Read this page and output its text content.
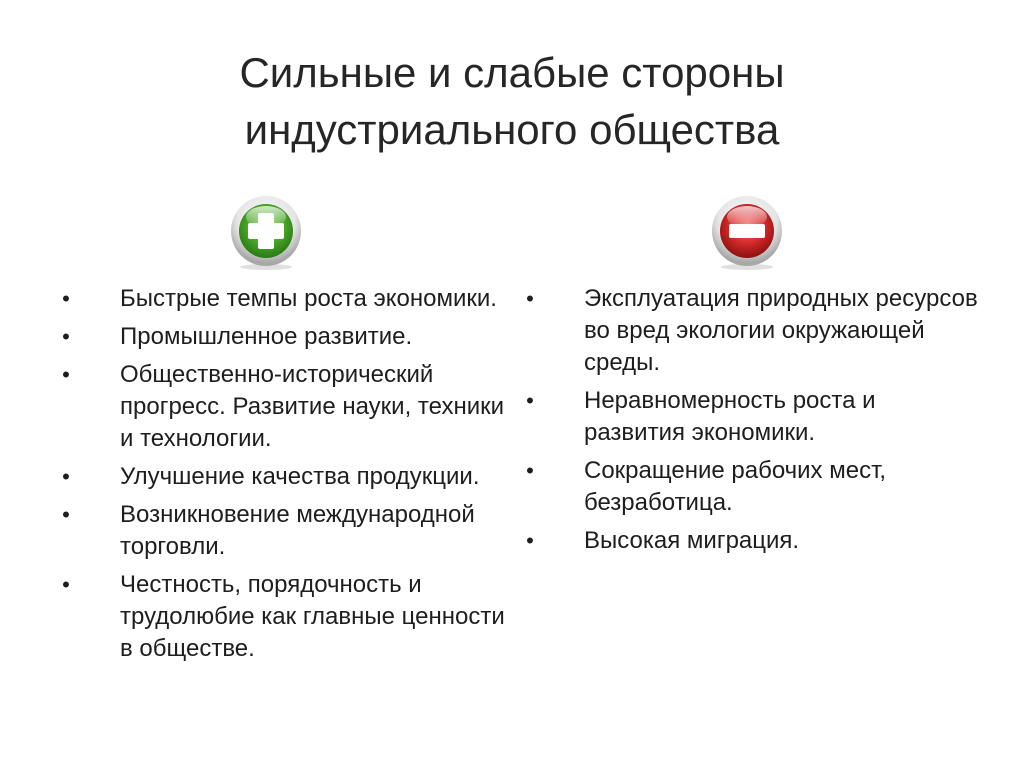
Сильные и слабые стороны
индустриального общества
• Быстрые темпы роста экономики.
• Промышленное развитие.
• Общественно-исторический прогресс. Развитие науки, техники и технологии.
• Улучшение качества продукции.
• Возникновение международной торговли.
• Честность, порядочность и трудолюбие как главные ценности в обществе.
• Эксплуатация природных ресурсов во вред экологии окружающей среды.
• Неравномерность роста и развития экономики.
• Сокращение рабочих мест, безработица.
• Высокая миграция.
